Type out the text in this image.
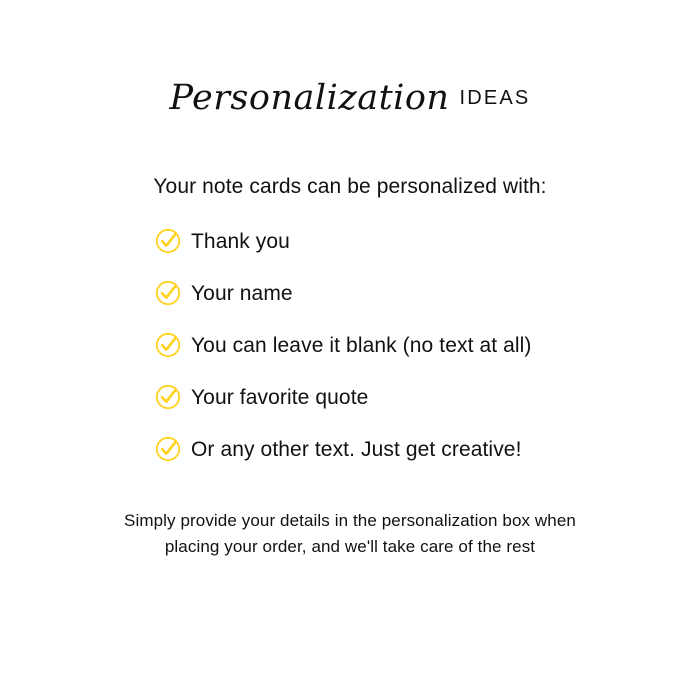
Personalization IDEAS
Your note cards can be personalized with:
Thank you
Your name
You can leave it blank (no text at all)
Your favorite quote
Or any other text. Just get creative!
Simply provide your details in the personalization box when
placing your order, and we'll take care of the rest
